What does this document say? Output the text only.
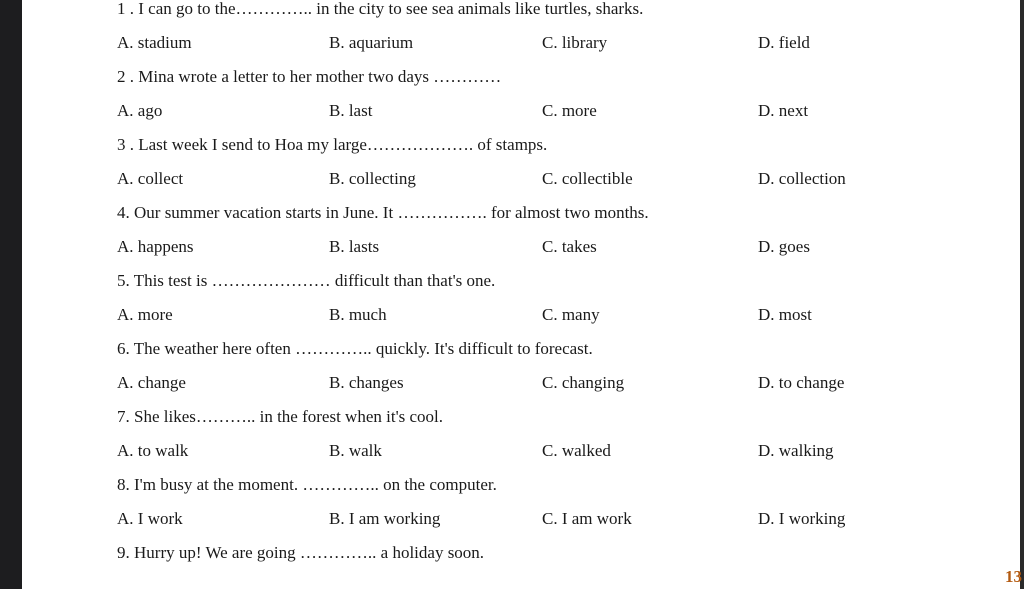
1 . I can go to the………….. in the city to see sea animals like turtles, sharks.
A. stadium	B. aquarium	C. library	D. field
2 . Mina wrote a letter to her mother two days …………
A. ago	B. last	C. more	D. next
3 . Last week I send to Hoa my large………………. of stamps.
A. collect	B. collecting	C. collectible	D. collection
4. Our summer vacation starts in June. It ……………. for almost two months.
A. happens	B. lasts	C. takes	D. goes
5. This test is ………………… difficult than that's one.
A. more	B. much	C. many	D. most
6. The weather here often ………….. quickly. It's difficult to forecast.
A. change	B. changes	C. changing	D. to change
7. She likes……….. in the forest when it's cool.
A. to walk	B. walk	C. walked	D. walking
8. I'm busy at the moment. ………….. on the computer.
A. I work	B. I am working	C. I am work	D. I working
9. Hurry up! We are going ………….. a holiday soon.
13
